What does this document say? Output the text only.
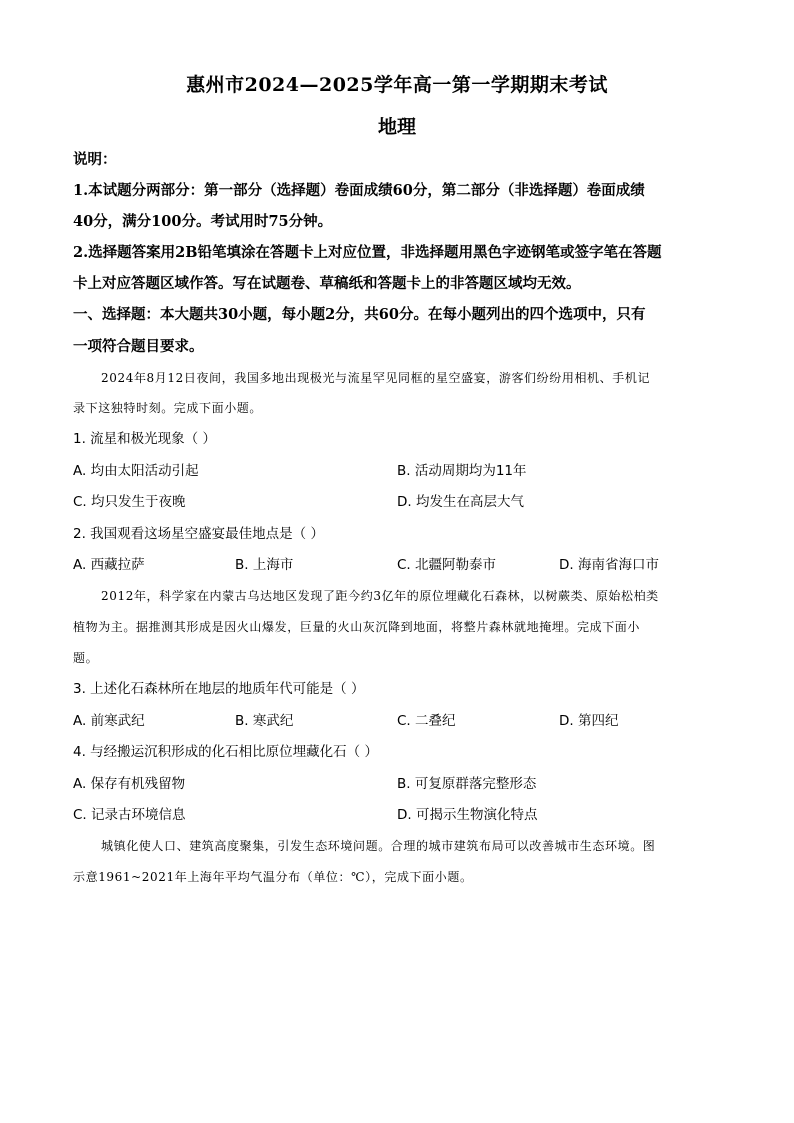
惠州市2024—2025学年高一第一学期期末考试
地理
说明：
1.本试题分两部分：第一部分（选择题）卷面成绩60分，第二部分（非选择题）卷面成绩
40分，满分100分。考试用时75分钟。
2.选择题答案用2B铅笔填涂在答题卡上对应位置，非选择题用黑色字迹钢笔或签字笔在答题
卡上对应答题区域作答。写在试题卷、草稿纸和答题卡上的非答题区域均无效。
一、选择题：本大题共30小题，每小题2分，共60分。在每小题列出的四个选项中，只有
一项符合题目要求。
2024年8月12日夜间，我国多地出现极光与流星罕见同框的星空盛宴，游客们纷纷用相机、手机记
录下这独特时刻。完成下面小题。
1. 流星和极光现象（ ）
A. 均由太阳活动引起	B. 活动周期均为11年
C. 均只发生于夜晚	D. 均发生在高层大气
2. 我国观看这场星空盛宴最佳地点是（ ）
A. 西藏拉萨	B. 上海市	C. 北疆阿勒泰市	D. 海南省海口市
2012年，科学家在内蒙古乌达地区发现了距今约3亿年的原位埋藏化石森林，以树蕨类、原始松柏类
植物为主。据推测其形成是因火山爆发，巨量的火山灰沉降到地面，将整片森林就地掩埋。完成下面小
题。
3. 上述化石森林所在地层的地质年代可能是（ ）
A. 前寒武纪	B. 寒武纪	C. 二叠纪	D. 第四纪
4. 与经搬运沉积形成的化石相比原位埋藏化石（ ）
A. 保存有机残留物	B. 可复原群落完整形态
C. 记录古环境信息	D. 可揭示生物演化特点
城镇化使人口、建筑高度聚集，引发生态环境问题。合理的城市建筑布局可以改善城市生态环境。图
示意1961~2021年上海年平均气温分布（单位：℃），完成下面小题。
